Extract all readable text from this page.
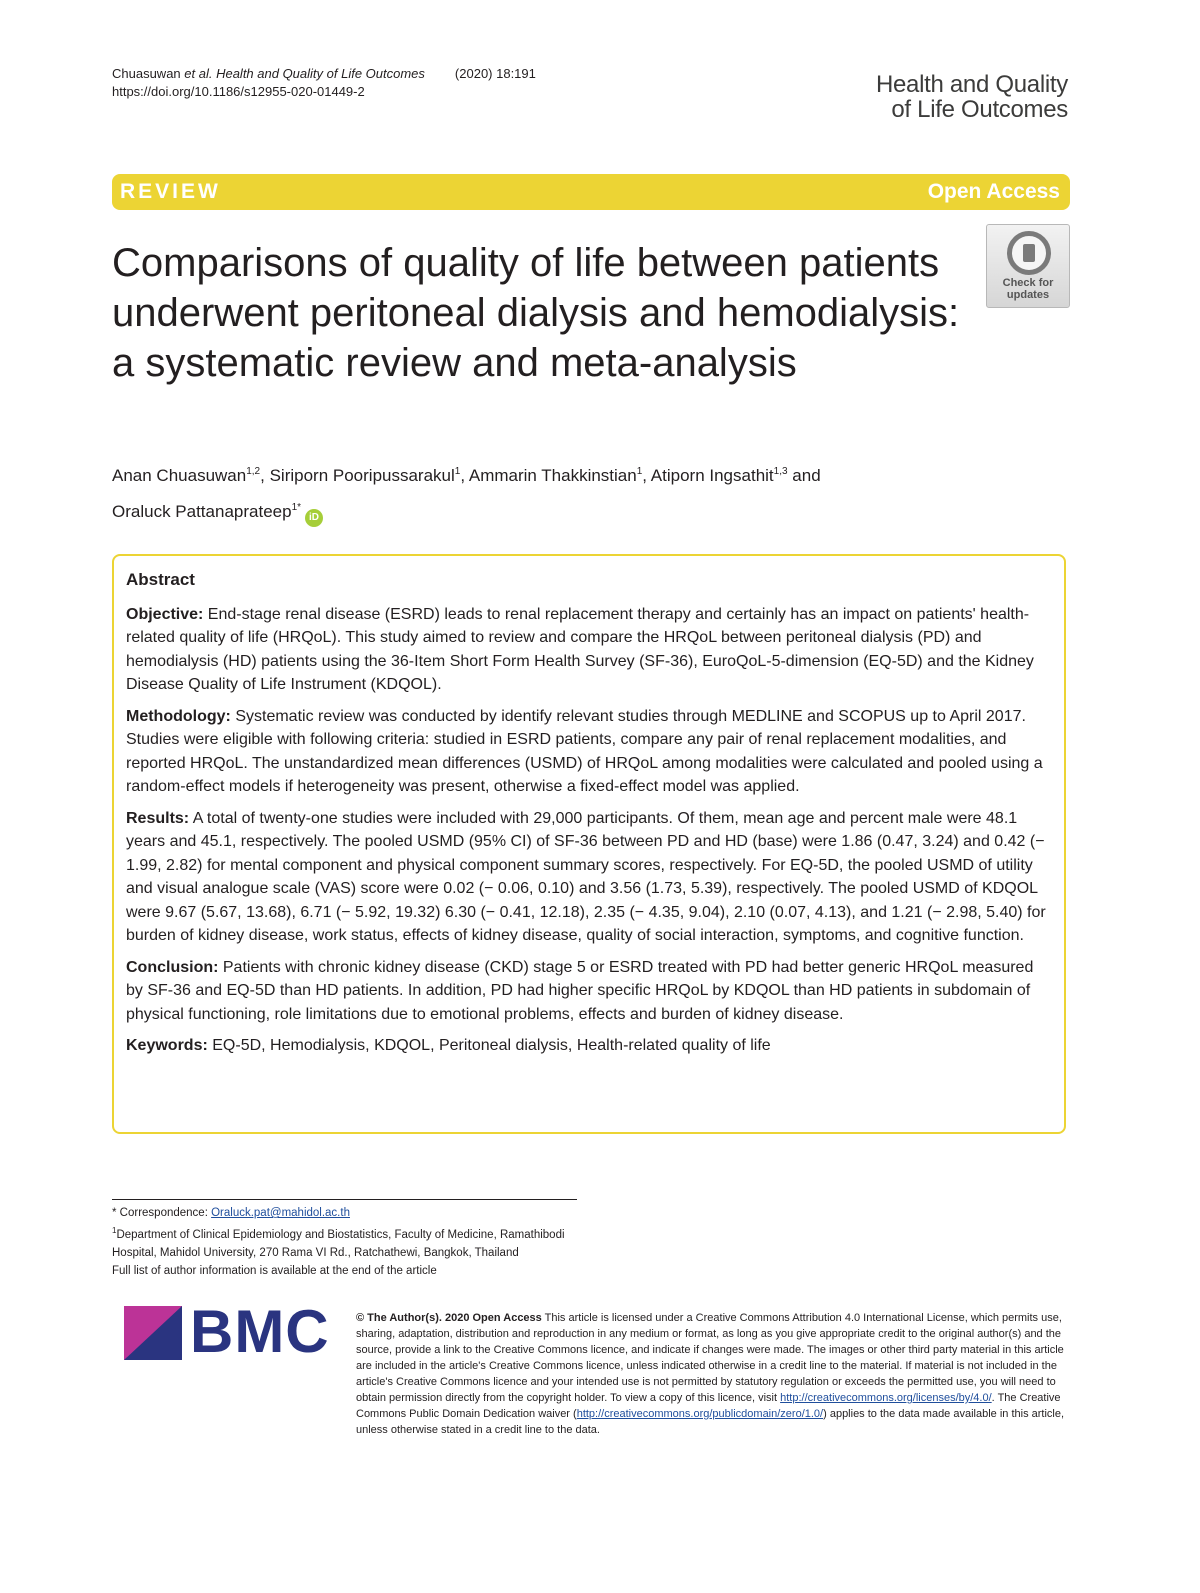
Chuasuwan et al. Health and Quality of Life Outcomes (2020) 18:191
https://doi.org/10.1186/s12955-020-01449-2	Health and Quality
of Life Outcomes
REVIEW	Open Access
Comparisons of quality of life between patients underwent peritoneal dialysis and hemodialysis: a systematic review and meta-analysis
Check for
updates
Anan Chuasuwan$^{1,2}$, Siriporn Pooripussarakul$^1$, Ammarin Thakkinstian$^1$, Atiporn Ingsathit$^{1,3}$ and
Oraluck Pattanaprateep$^{1*}$iD
Abstract

Objective: End-stage renal disease (ESRD) leads to renal replacement therapy and certainly has an impact on patients' health-related quality of life (HRQoL). This study aimed to review and compare the HRQoL between peritoneal dialysis (PD) and hemodialysis (HD) patients using the 36-Item Short Form Health Survey (SF-36), EuroQoL-5-dimension (EQ-5D) and the Kidney Disease Quality of Life Instrument (KDQOL).

Methodology: Systematic review was conducted by identify relevant studies through MEDLINE and SCOPUS up to April 2017. Studies were eligible with following criteria: studied in ESRD patients, compare any pair of renal replacement modalities, and reported HRQoL. The unstandardized mean differences (USMD) of HRQoL among modalities were calculated and pooled using a random-effect models if heterogeneity was present, otherwise a fixed-effect model was applied.

Results: A total of twenty-one studies were included with 29,000 participants. Of them, mean age and percent male were 48.1 years and 45.1, respectively. The pooled USMD (95% CI) of SF-36 between PD and HD (base) were 1.86 (0.47, 3.24) and 0.42 (− 1.99, 2.82) for mental component and physical component summary scores, respectively. For EQ-5D, the pooled USMD of utility and visual analogue scale (VAS) score were 0.02 (− 0.06, 0.10) and 3.56 (1.73, 5.39), respectively. The pooled USMD of KDQOL were 9.67 (5.67, 13.68), 6.71 (− 5.92, 19.32) 6.30 (− 0.41, 12.18), 2.35 (− 4.35, 9.04), 2.10 (0.07, 4.13), and 1.21 (− 2.98, 5.40) for burden of kidney disease, work status, effects of kidney disease, quality of social interaction, symptoms, and cognitive function.

Conclusion: Patients with chronic kidney disease (CKD) stage 5 or ESRD treated with PD had better generic HRQoL measured by SF-36 and EQ-5D than HD patients. In addition, PD had higher specific HRQoL by KDQOL than HD patients in subdomain of physical functioning, role limitations due to emotional problems, effects and burden of kidney disease.

Keywords: EQ-5D, Hemodialysis, KDQOL, Peritoneal dialysis, Health-related quality of life

* Correspondence: Oraluck.pat@mahidol.ac.th
$^1$Department of Clinical Epidemiology and Biostatistics, Faculty of Medicine, Ramathibodi Hospital, Mahidol University, 270 Rama VI Rd., Ratchathewi, Bangkok, Thailand
Full list of author information is available at the end of the article
BMC © The Author(s). 2020 Open Access This article is licensed under a Creative Commons Attribution 4.0 International License, which permits use, sharing, adaptation, distribution and reproduction in any medium or format, as long as you give appropriate credit to the original author(s) and the source, provide a link to the Creative Commons licence, and indicate if changes were made. The images or other third party material in this article are included in the article's Creative Commons licence, unless indicated otherwise in a credit line to the material. If material is not included in the article's Creative Commons licence and your intended use is not permitted by statutory regulation or exceeds the permitted use, you will need to obtain permission directly from the copyright holder. To view a copy of this licence, visit http://creativecommons.org/licenses/by/4.0/. The Creative Commons Public Domain Dedication waiver (http://creativecommons.org/publicdomain/zero/1.0/) applies to the data made available in this article, unless otherwise stated in a credit line to the data.
